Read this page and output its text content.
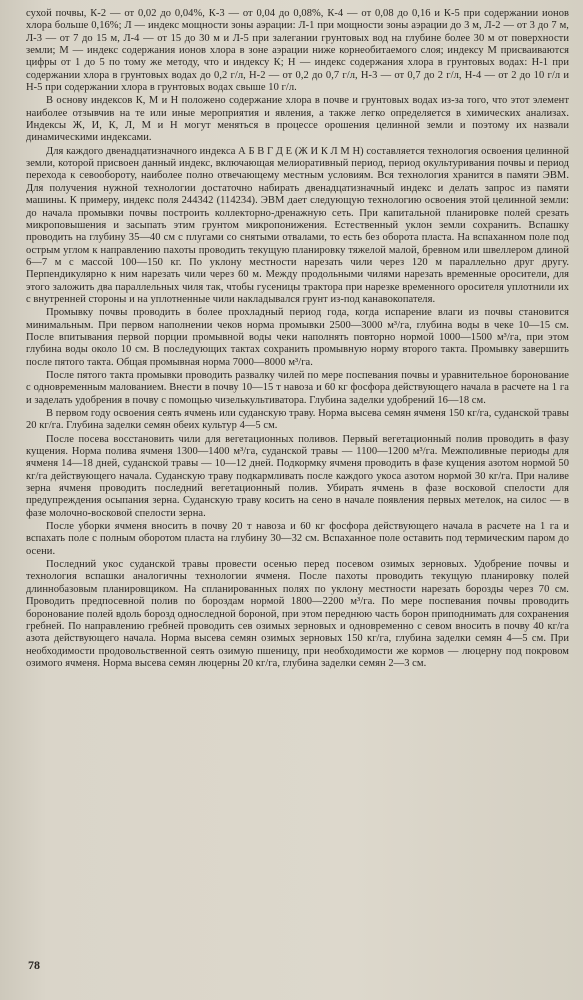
сухой почвы, К-2 — от 0,02 до 0,04%, К-3 — от 0,04 до 0,08%, К-4 — от 0,08 до 0,16 и К-5 при содержании ионов хлора больше 0,16%; Л — индекс мощности зоны аэрации: Л-1 при мощности зоны аэрации до 3 м, Л-2 — от 3 до 7 м, Л-3 — от 7 до 15 м, Л-4 — от 15 до 30 м и Л-5 при залегании грунтовых вод на глубине более 30 м от поверхности земли; М — индекс содержания ионов хлора в зоне аэрации ниже корнеобитаемого слоя; индексу М присваиваются цифры от 1 до 5 по тому же методу, что и индексу К; Н — индекс содержания хлора в грунтовых водах: Н-1 при содержании хлора в грунтовых водах до 0,2 г/л, Н-2 — от 0,2 до 0,7 г/л, Н-3 — от 0,7 до 2 г/л, Н-4 — от 2 до 10 г/л и Н-5 при содержании хлора в грунтовых водах свыше 10 г/л.

В основу индексов К, М и Н положено содержание хлора в почве и грунтовых водах из-за того, что этот элемент наиболее отзывчив на те или иные мероприятия и явления, а также легко определяется в химических анализах. Индексы Ж, И, К, Л, М и Н могут меняться в процессе орошения целинной земли и поэтому их назвали динамическими индексами.

Для каждого двенадцатизначного индекса А Б В Г Д Е (Ж И К Л М Н) составляется технология освоения целинной земли, которой присвоен данный индекс, включающая мелиоративный период, период окультуривания почвы и период перехода к севообороту, наиболее полно отвечающему местным условиям. Вся технология хранится в памяти ЭВМ. Для получения нужной технологии достаточно набирать двенадцатизначный индекс и делать запрос из памяти машины. К примеру, индекс поля 244342 (114234). ЭВМ дает следующую технологию освоения этой целинной земли: до начала промывки почвы построить коллекторно-дренажную сеть. При капитальной планировке полей срезать микроповышения и засыпать этим грунтом микропонижения. Естественный уклон земли сохранить. Вспашку проводить на глубину 35—40 см с плугами со снятыми отвалами, то есть без оборота пласта. На вспаханном поле под острым углом к направлению пахоты проводить текущую планировку тяжелой малой, бревном или швеллером длиной 6—7 м с массой 100—150 кг. По уклону местности нарезать чили через 120 м параллельно друг другу. Перпендикулярно к ним нарезать чили через 60 м. Между продольными чилями нарезать временные оросители, для этого заложить два параллельных чиля так, чтобы гусеницы трактора при нарезке временного оросителя уплотнили их с внутренней стороны и на уплотненные чили накладывался грунт из-под канавокопателя.

Промывку почвы проводить в более прохладный период года, когда испарение влаги из почвы становится минимальным. При первом наполнении чеков норма промывки 2500—3000 м³/га, глубина воды в чеке 10—15 см. После впитывания первой порции промывной воды чеки наполнять повторно нормой 1000—1500 м³/га, при этом глубина воды около 10 см. В последующих тактах сохранить промывную норму второго такта. Промывку завершить после пятого такта. Общая промывная норма 7000—8000 м³/га.

После пятого такта промывки проводить развалку чилей по мере поспевания почвы и уравнительное боронование с одновременным малованием. Внести в почву 10—15 т навоза и 60 кг фосфора действующего начала в расчете на 1 га и заделать удобрения в почву с помощью чизелькультиватора. Глубина заделки удобрений 16—18 см.

В первом году освоения сеять ячмень или суданскую траву. Норма высева семян ячменя 150 кг/га, суданской травы 20 кг/га. Глубина заделки семян обеих культур 4—5 см.

После посева восстановить чили для вегетационных поливов. Первый вегетационный полив проводить в фазу кущения. Норма полива ячменя 1300—1400 м³/га, суданской травы — 1100—1200 м³/га. Межполивные периоды для ячменя 14—18 дней, суданской травы — 10—12 дней. Подкормку ячменя проводить в фазе кущения азотом нормой 50 кг/га действующего начала. Суданскую траву подкармливать после каждого укоса азотом нормой 30 кг/га. При наливе зерна ячменя проводить последний вегетационный полив. Убирать ячмень в фазе восковой спелости для предупреждения осыпания зерна. Суданскую траву косить на сено в начале появления первых метелок, на силос — в фазе молочно-восковой спелости зерна.

После уборки ячменя вносить в почву 20 т навоза и 60 кг фосфора действующего начала в расчете на 1 га и вспахать поле с полным оборотом пласта на глубину 30—32 см. Вспаханное поле оставить под термическим паром до осени.

Последний укос суданской травы провести осенью перед посевом озимых зерновых. Удобрение почвы и технология вспашки аналогичны технологии ячменя. После пахоты проводить текущую планировку полей длиннобазовым планировщиком. На спланированных полях по уклону местности нарезать борозды через 70 см. Проводить предпосевной полив по бороздам нормой 1800—2200 м³/га. По мере поспевания почвы проводить боронование полей вдоль борозд односледной бороной, при этом переднюю часть борон приподнимать для сохранения гребней. По направлению гребней проводить сев озимых зерновых и одновременно с севом вносить в почву 40 кг/га азота действующего начала. Норма высева семян озимых зерновых 150 кг/га, глубина заделки семян 4—5 см. При необходимости продовольственной сеять озимую пшеницу, при необходимости же кормов — люцерну под покровом озимого ячменя. Норма высева семян люцерны 20 кг/га, глубина заделки семян 2—3 см.

78
